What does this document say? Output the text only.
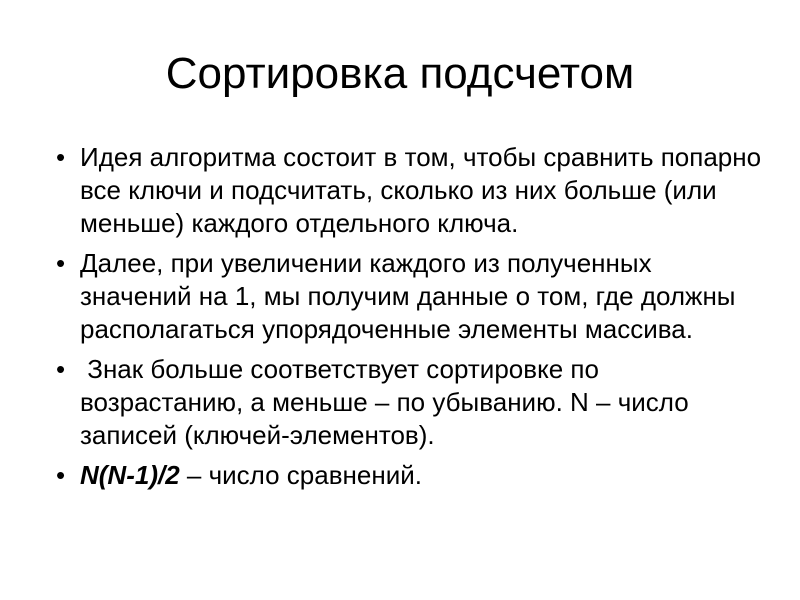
Сортировка подсчетом
• Идея алгоритма состоит в том, чтобы сравнить попарно все ключи и подсчитать, сколько из них больше (или меньше) каждого отдельного ключа.
• Далее, при увеличении каждого из полученных значений на 1, мы получим данные о том, где должны располагаться упорядоченные элементы массива.
• Знак больше соответствует сортировке по возрастанию, а меньше – по убыванию. N – число записей (ключей-элементов).
• N(N-1)/2 – число сравнений.
